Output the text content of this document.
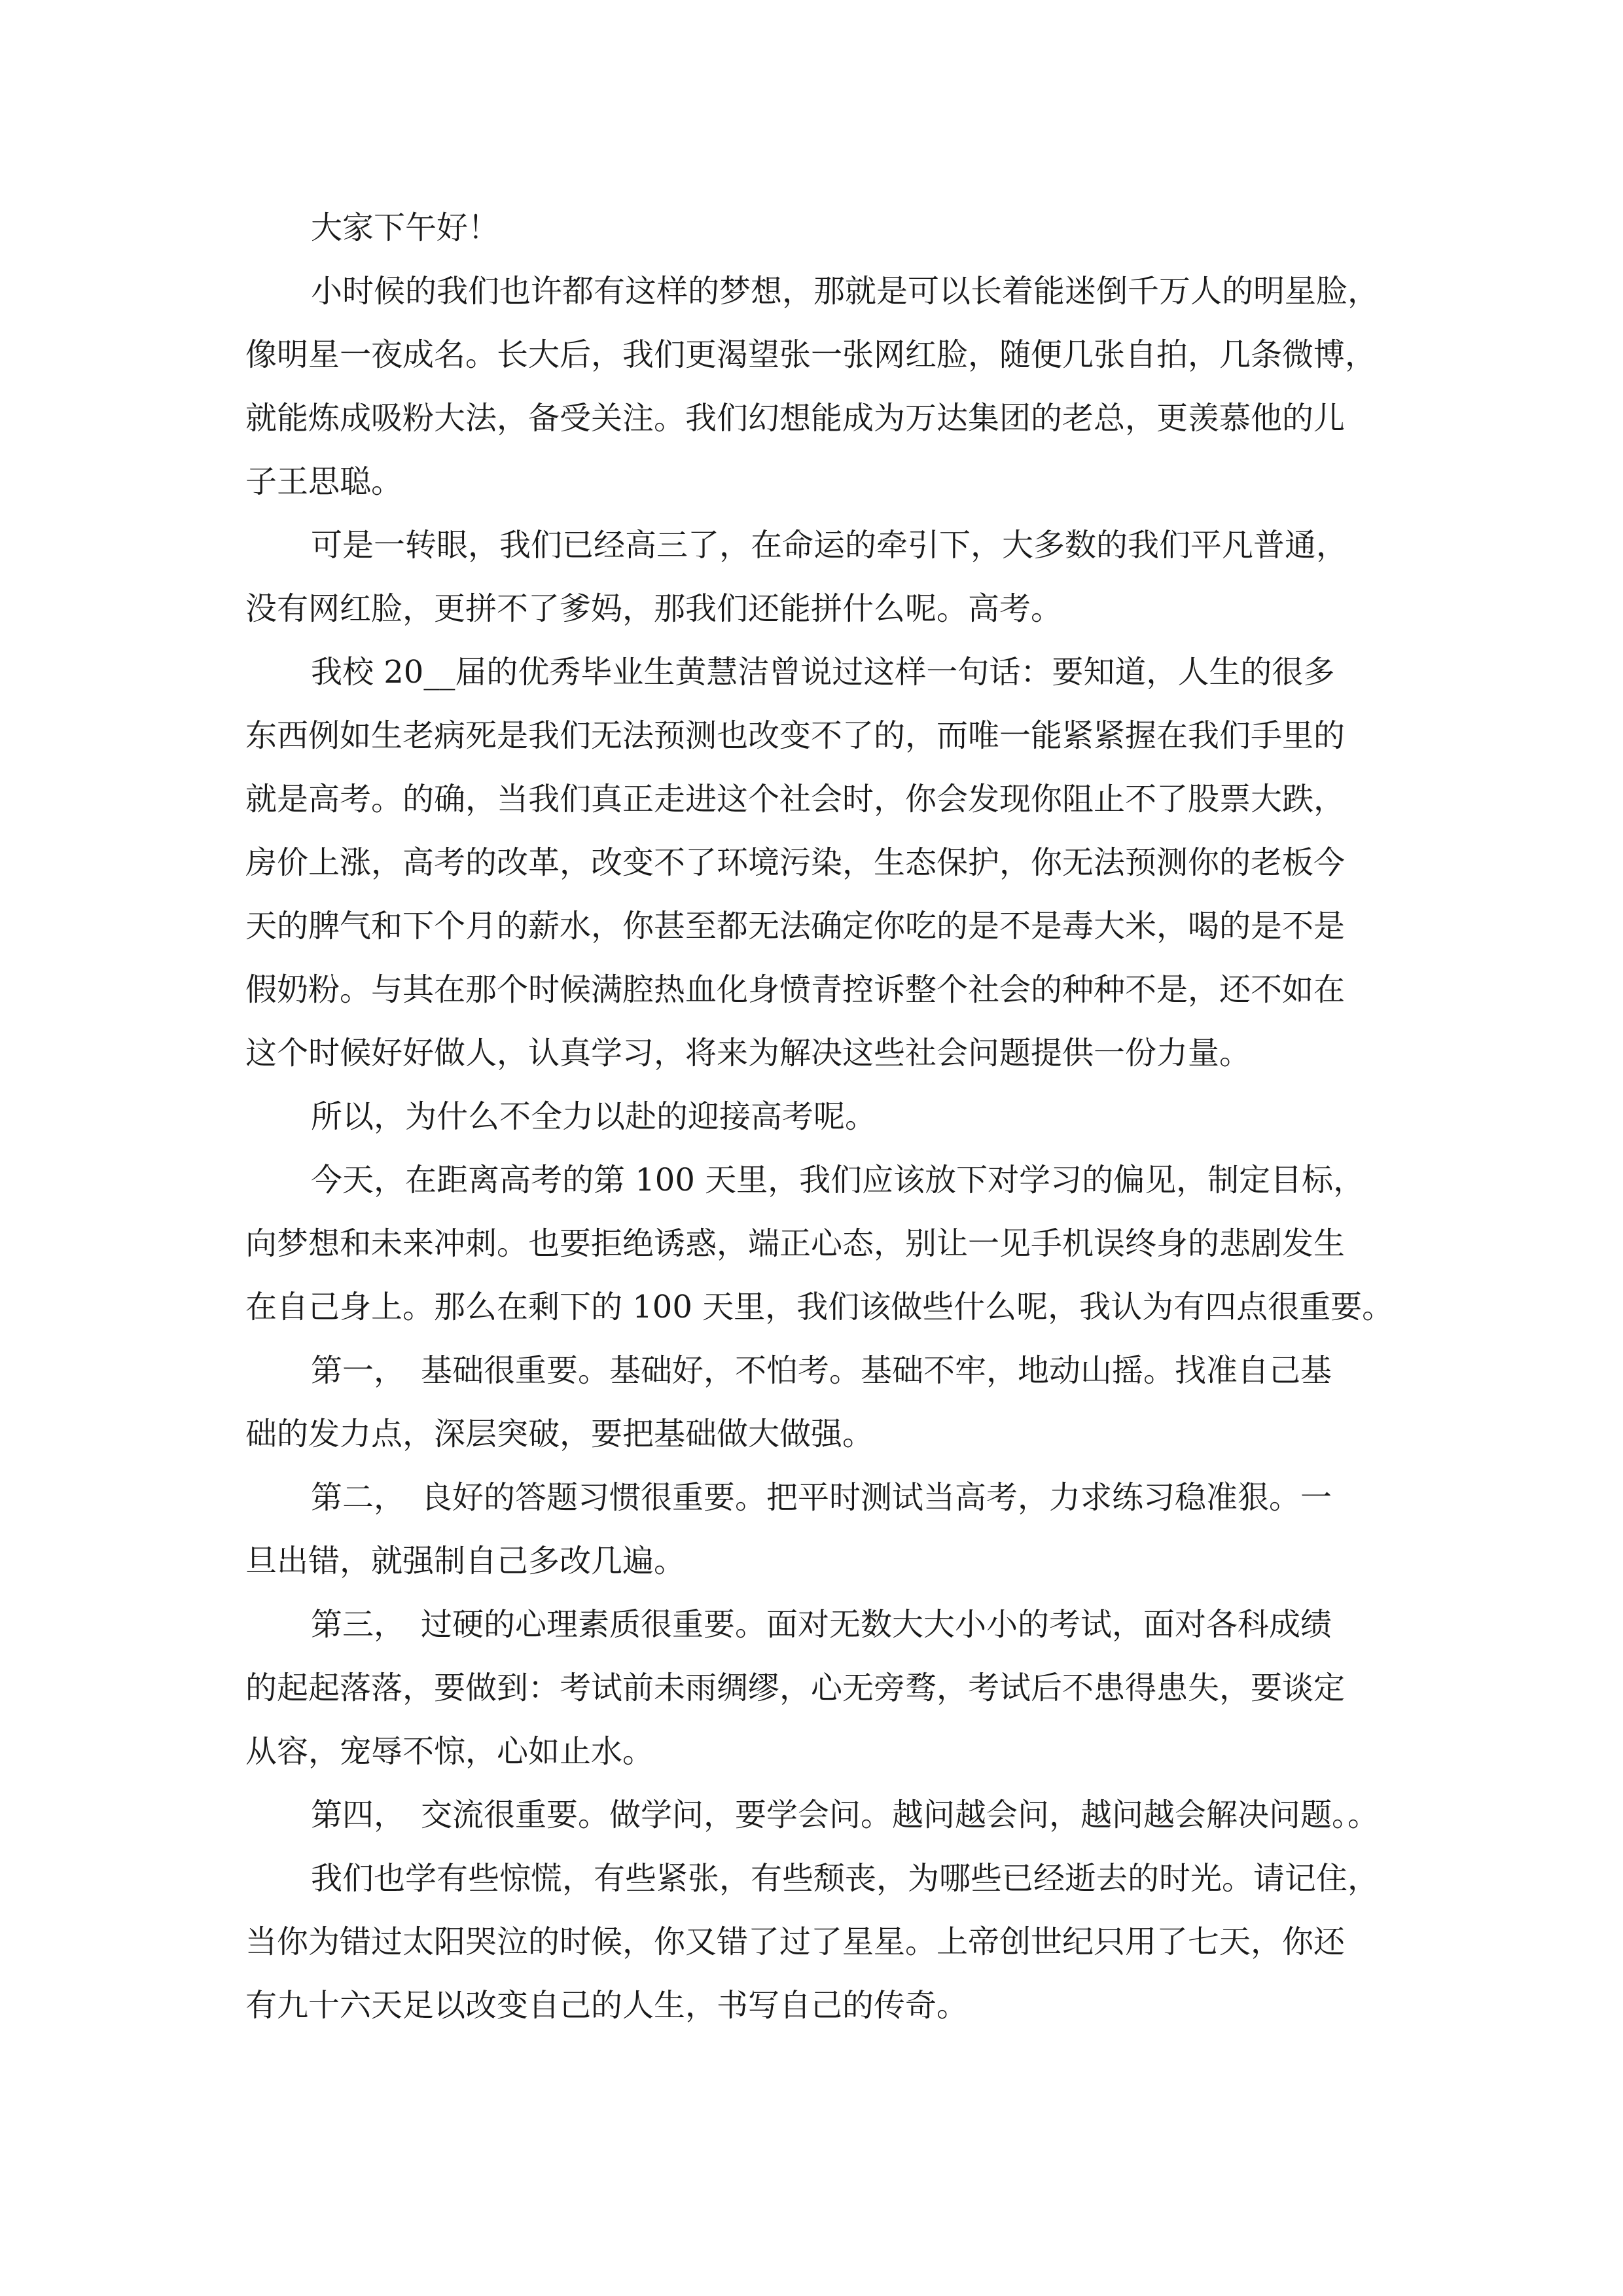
大家下午好！
小时候的我们也许都有这样的梦想，那就是可以长着能迷倒千万人的明星脸，
像明星一夜成名。长大后，我们更渴望张一张网红脸，随便几张自拍，几条微博，
就能炼成吸粉大法，备受关注。我们幻想能成为万达集团的老总，更羡慕他的儿
子王思聪。
可是一转眼，我们已经高三了，在命运的牵引下，大多数的我们平凡普通，
没有网红脸，更拼不了爹妈，那我们还能拼什么呢。高考。
我校 20__届的优秀毕业生黄慧洁曾说过这样一句话：要知道，人生的很多
东西例如生老病死是我们无法预测也改变不了的，而唯一能紧紧握在我们手里的
就是高考。的确，当我们真正走进这个社会时，你会发现你阻止不了股票大跌，
房价上涨，高考的改革，改变不了环境污染，生态保护，你无法预测你的老板今
天的脾气和下个月的薪水，你甚至都无法确定你吃的是不是毒大米，喝的是不是
假奶粉。与其在那个时候满腔热血化身愤青控诉整个社会的种种不是，还不如在
这个时候好好做人，认真学习，将来为解决这些社会问题提供一份力量。
所以，为什么不全力以赴的迎接高考呢。
今天，在距离高考的第 100 天里，我们应该放下对学习的偏见，制定目标，
向梦想和未来冲刺。也要拒绝诱惑，端正心态，别让一见手机误终身的悲剧发生
在自己身上。那么在剩下的 100 天里，我们该做些什么呢，我认为有四点很重要。
第一，　基础很重要。基础好，不怕考。基础不牢，地动山摇。找准自己基
础的发力点，深层突破，要把基础做大做强。
第二，　良好的答题习惯很重要。把平时测试当高考，力求练习稳准狠。一
旦出错，就强制自己多改几遍。
第三，　过硬的心理素质很重要。面对无数大大小小的考试，面对各科成绩
的起起落落，要做到：考试前未雨绸缪，心无旁骛，考试后不患得患失，要谈定
从容，宠辱不惊，心如止水。
第四，　交流很重要。做学问，要学会问。越问越会问，越问越会解决问题。。
我们也学有些惊慌，有些紧张，有些颓丧，为哪些已经逝去的时光。请记住，
当你为错过太阳哭泣的时候，你又错了过了星星。上帝创世纪只用了七天，你还
有九十六天足以改变自己的人生，书写自己的传奇。
